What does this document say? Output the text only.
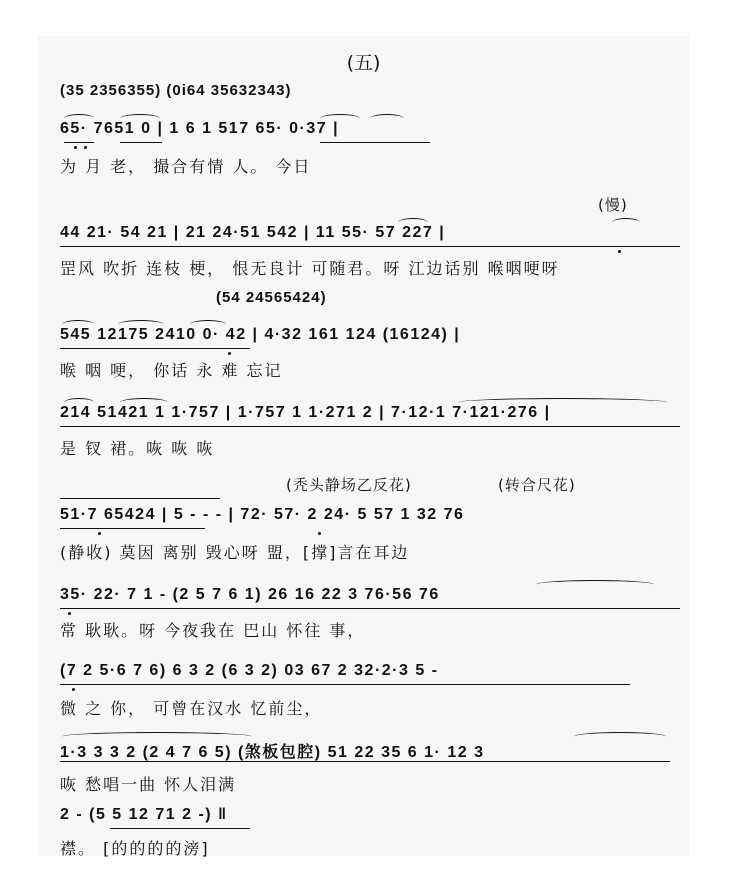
(五)
(35 2356355) (0i64 35632343)
65· 7651 0 | 1 6 1 517 65· 0·37 |
为 月 老， 撮合有情 人。 今日
(慢)
44 21· 54 21 | 21 24·51 542 | 11 55· 57 227 |
罡风 吹折 连枝 梗， 恨无良计 可随君。呀 江边话别 喉咽哽呀
(54 24565424)
545 12175 2410 0· 42 | 4·32 161 124 (16124) |
喉 咽 哽， 你话 永 难 忘记
214 51421 1 1·757 | 1·757 1 1·271 2 | 7·12·1 7·121·276 |
是 钗 裙。咴 咴 咴
(秃头静场乙反花)	(转合尺花)
51·7 65424 | 5 - - - | 72· 57· 2 24· 5 57 1 32 76
(静收) 莫因 离别 毁心呀 盟，[撑]言在耳边
35· 22· 7 1 - (2 5 7 6 1) 26 16 22 3 76·56 76
常 耿耿。呀 今夜我在 巴山 怀往 事，
(7 2 5·6 7 6) 6 3 2 (6 3 2) 03 67 2 32·2·3 5 -
微 之 你， 可曾在汉水 忆前尘，
1·3 3 3 2 (2 4 7 6 5) (煞板包腔) 51 22 35 6 1· 12 3
咴 愁唱一曲 怀人泪满
2 - (5 5 12 71 2 -) ‖
襟。 [的的的的滂]
